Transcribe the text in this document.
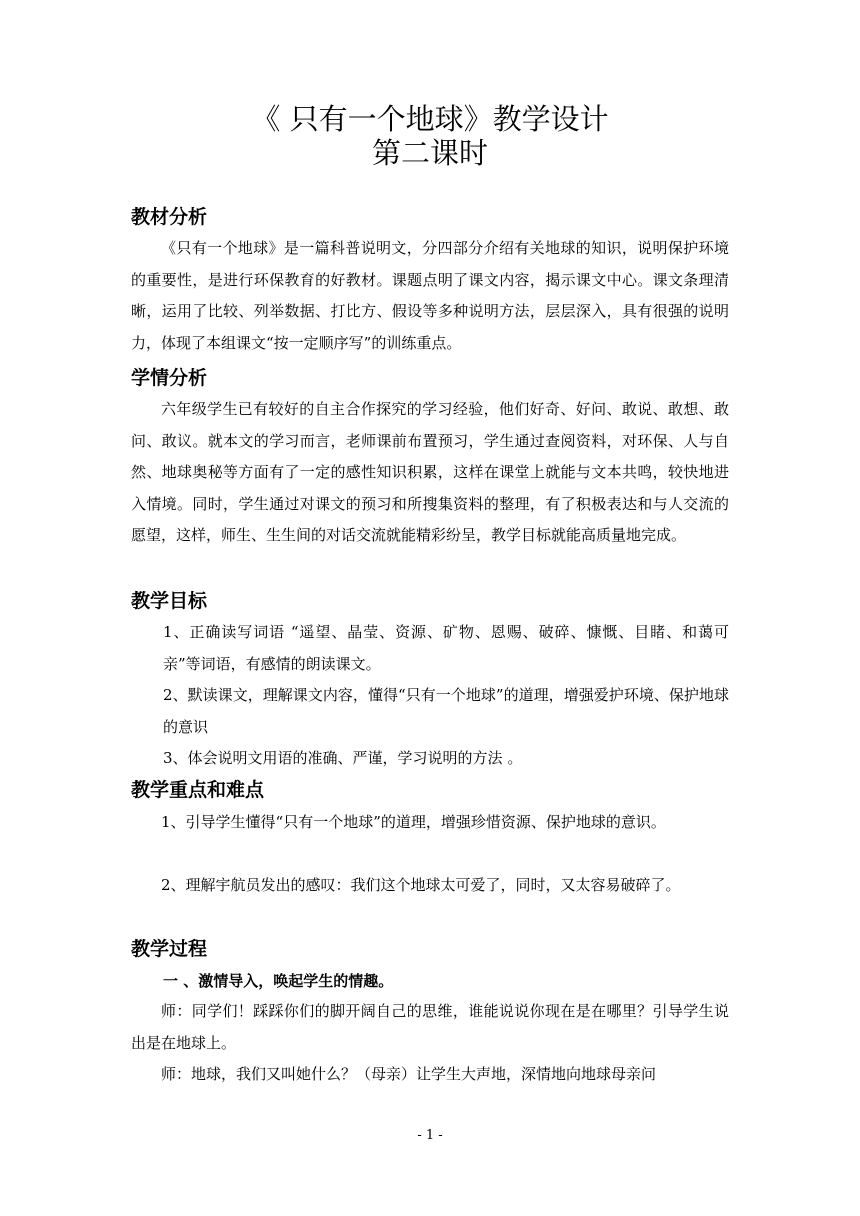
《 只有一个地球》教学设计
第二课时
教材分析
《只有一个地球》是一篇科普说明文，分四部分介绍有关地球的知识，说明保护环境的重要性，是进行环保教育的好教材。课题点明了课文内容，揭示课文中心。课文条理清晰，运用了比较、列举数据、打比方、假设等多种说明方法，层层深入，具有很强的说明力，体现了本组课文“按一定顺序写”的训练重点。
学情分析
六年级学生已有较好的自主合作探究的学习经验，他们好奇、好问、敢说、敢想、敢问、敢议。就本文的学习而言，老师课前布置预习，学生通过查阅资料，对环保、人与自然、地球奥秘等方面有了一定的感性知识积累，这样在课堂上就能与文本共鸣，较快地进入情境。同时，学生通过对课文的预习和所搜集资料的整理，有了积极表达和与人交流的愿望，这样，师生、生生间的对话交流就能精彩纷呈，教学目标就能高质量地完成。
教学目标
1、正确读写词语 “遥望、晶莹、资源、矿物、恩赐、破碎、慷慨、目睹、和蔼可亲”等词语，有感情的朗读课文。
2、默读课文，理解课文内容，懂得“只有一个地球”的道理，增强爱护环境、保护地球的意识
3、体会说明文用语的准确、严谨，学习说明的方法 。
教学重点和难点
1、引导学生懂得“只有一个地球”的道理，增强珍惜资源、保护地球的意识。
2、理解宇航员发出的感叹：我们这个地球太可爱了，同时，又太容易破碎了。
教学过程
一 、激情导入，唤起学生的情趣。
师：同学们！踩踩你们的脚开阔自己的思维，谁能说说你现在是在哪里？引导学生说出是在地球上。
师：地球，我们又叫她什么？（母亲）让学生大声地，深情地向地球母亲问
- 1 -
